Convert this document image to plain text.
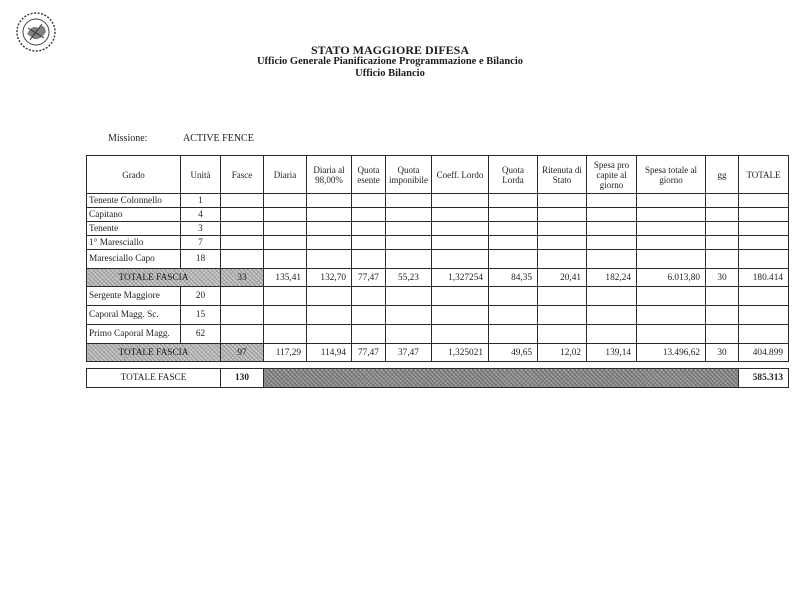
STATO MAGGIORE DIFESA
Ufficio Generale Pianificazione Programmazione e Bilancio
Ufficio Bilancio
Missione:	ACTIVE FENCE
Grado	Unità	Fasce	Diaria	Diaria al 98,00%	Quota esente	Quota imponibile	Coeff. Lordo	Quota Lorda	Ritenuta di Stato	Spesa pro capite al giorno	Spesa totale al giorno	gg	TOTALE
Tenente Colonnello	1												
Capitano	4												
Tenente	3												
1° Maresciallo	7												
Maresciallo Capo	18												
TOTALE FASCIA		33	135,41	132,70	77,47	55,23	1,327254	84,35	20,41	182,24	6.013,80	30	180.414
Sergente Maggiore	20												
Caporal Magg. Sc.	15												
Primo Caporal Magg.	62												
TOTALE FASCIA		97	117,29	114,94	77,47	37,47	1,325021	49,65	12,02	139,14	13.496,62	30	404.899

TOTALE FASCE		130											585.313
